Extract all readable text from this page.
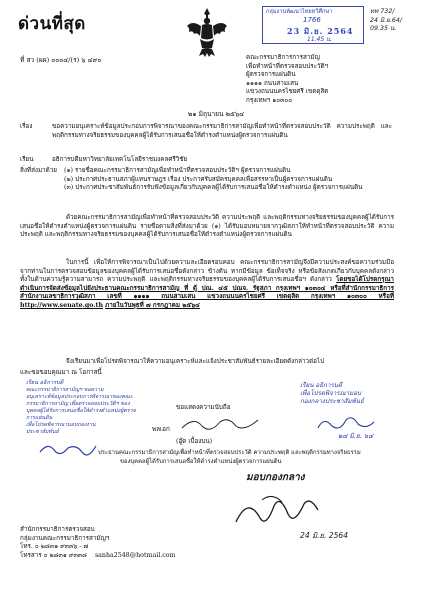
ด่วนที่สุด
กลุ่มงานพัฒนาไทยทวีศึกษา
1766
23 มิ.ย. 2564
11.45 น.
ทท 732/
24 มิ.ย.64/
09.35 น.
ที่ สว (ผผ) ๐๐๐๔/(ร) ๖ ๔๙๐	คณะกรรมาธิการการสามัญ
เพื่อทำหน้าที่ตรวจสอบประวัติฯ
ผู้ตรวจการแผ่นดิน
๑๑๑๑ ถนนสามเสน
แขวงถนนนครไชยศรี เขตดุสิต
กรุงเทพฯ ๑๐๓๐๐
๒๑ มิถุนายน ๒๕๖๔
เรื่อง	ขอความอนุเคราะห์ข้อมูลประกอบการพิจารณาของคณะกรรมาธิการสามัญเพื่อทำหน้าที่ตรวจสอบประวัติ ความประพฤติ และพฤติกรรมทางจริยธรรมของบุคคลผู้ได้รับการเสนอชื่อให้ดำรงตำแหน่งผู้ตรวจการแผ่นดิน
เรียน	อธิการบดีมหาวิทยาลัยเทคโนโลยีราชมงคลศรีวิชัย
สิ่งที่ส่งมาด้วย (๑) รายชื่อคณะกรรมาธิการสามัญเพื่อทำหน้าที่ตรวจสอบประวัติฯ ผู้ตรวจการแผ่นดิน
(๒) ประกาศประธานสภาผู้แทนราษฎร เรื่อง ประกาศรับสมัครบุคคลเพื่อสรรหาเป็นผู้ตรวจการแผ่นดิน
(๓) ประกาศประชาสัมพันธ์การรับฟังข้อมูลเกี่ยวกับบุคคลผู้ได้รับการเสนอชื่อให้ดำรงตำแหน่ง ผู้ตรวจการแผ่นดิน
ด้วยคณะกรรมาธิการสามัญเพื่อทำหน้าที่ตรวจสอบประวัติ ความประพฤติ และพฤติกรรมทางจริยธรรมของบุคคลผู้ได้รับการเสนอชื่อให้ดำรงตำแหน่งผู้ตรวจการแผ่นดิน รายชื่อตามสิ่งที่ส่งมาด้วย (๑) ได้รับมอบหมายจากวุฒิสภาให้ทำหน้าที่ตรวจสอบประวัติ ความประพฤติ และพฤติกรรมทางจริยธรรมของบุคคลผู้ได้รับการเสนอชื่อให้ดำรงตำแหน่งผู้ตรวจการแผ่นดิน
ในการนี้ เพื่อให้การพิจารณาเป็นไปด้วยความละเอียดรอบคอบ คณะกรรมาธิการสามัญจึงมีความประสงค์ขอความร่วมมือจากท่านในการตรวจสอบข้อมูลของบุคคลผู้ได้รับการเสนอชื่อดังกล่าว ข้างต้น หากมีข้อมูล ข้อเท็จจริง หรือข้อสังเกตเกี่ยวกับบุคคลดังกล่าว ทั้งในด้านความรู้ความสามารถ ความประพฤติ และพฤติกรรมทางจริยธรรมของบุคคลผู้ได้รับการเสนอชื่อฯ ดังกล่าว โดยขอได้โปรดกรุณาดำเนินการจัดส่งข้อมูลไปยังประธานคณะกรรมาธิการสามัญ ที่ ตู้ ปณ. ๔๕ ปณจ. รัฐสภา กรุงเทพฯ ๑๐๓๐๔ หรือที่สำนักกรรมาธิการ สำนักงานเลขาธิการวุฒิสภา เลขที่ ๑๑๑๑ ถนนสามเสน แขวงถนนนครไชยศรี เขตดุสิต กรุงเทพฯ ๑๐๓๐๐ หรือที่ http://www.senate.go.th ภายในวันพุธที่ ๗ กรกฎาคม ๒๕๖๔
จึงเรียนมาเพื่อโปรดพิจารณาให้ความอนุเคราะห์และแจ้งประชาสัมพันธ์รายละเอียดดังกล่าวต่อไป
และขอขอบคุณมา ณ โอกาสนี้
เรียน อธิการบดี
คณะกรรมาธิการสามัญฯ ขอความ
อนุเคราะห์ข้อมูลประกอบการพิจารณาของคณะ
กรรมาธิการสามัญ เพื่อตรวจสอบประวัติฯ ของ
บุคคลผู้ได้รับการเสนอชื่อให้ดำรงตำแหน่งผู้ตรวจ
การแผ่นดิน
เพื่อโปรดพิจารณามอบกองงาน
ประชาสัมพันธ์
ขอแสดงความนับถือ
พลเอก
(อู๊ด เบื้องบน)
ประธานคณะกรรมาธิการสามัญเพื่อทำหน้าที่ตรวจสอบประวัติ ความประพฤติ และพฤติกรรมทางจริยธรรม
ของบุคคลผู้ได้รับการเสนอชื่อให้ดำรงตำแหน่งผู้ตรวจการแผ่นดิน
เรียน อธิการบดี
เพื่อโปรดพิจารณามอบ
กองกลางประชาสัมพันธ์
๒๔ มิ.ย. ๖๔
มอบกองกลาง
24 มิ.ย. 2564
สำนักกรรมาธิการตรวจสอบ
กลุ่มงานคณะกรรมาธิการสามัญฯ
โทร. ๐ ๒๘๓๑ ๙๓๓๖ - ๗
โทรสาร ๐ ๒๘๓๑ ๙๓๓๘ sanha2548@hotmail.com
